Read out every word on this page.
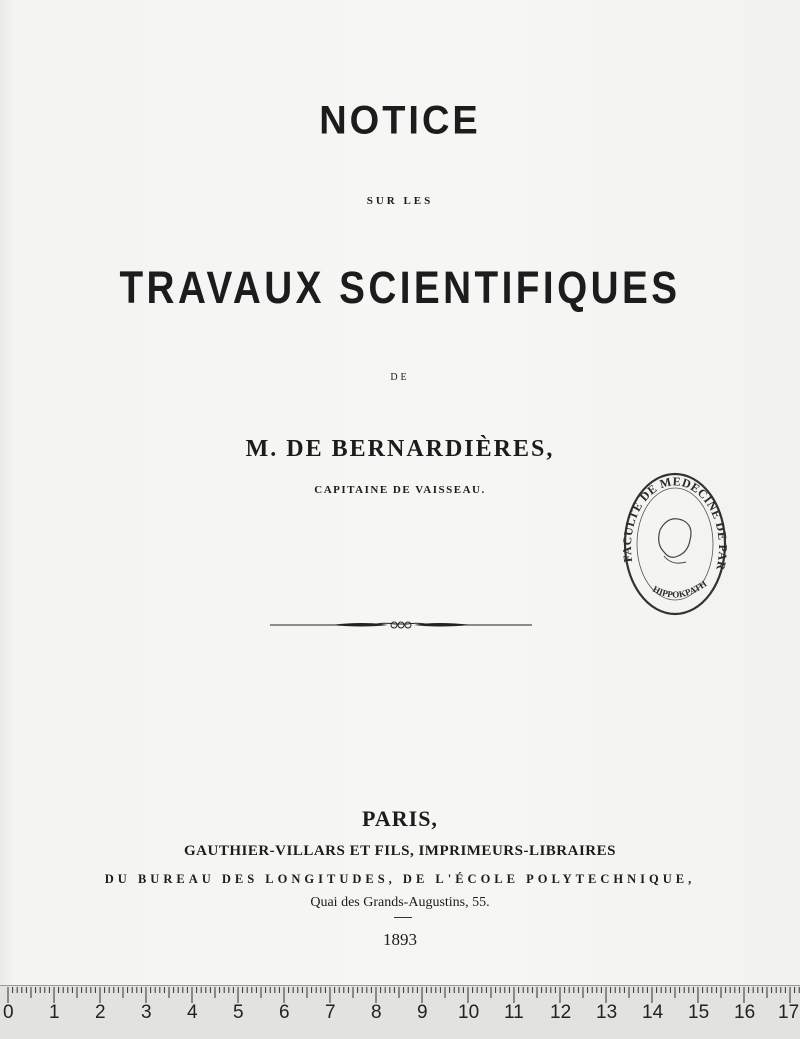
NOTICE
SUR LES
TRAVAUX SCIENTIFIQUES
DE
M. DE BERNARDIÈRES,
CAPITAINE DE VAISSEAU.
FACULTE DE MEDECINE DE PAR
HIPPOKPATH
PARIS,
GAUTHIER-VILLARS ET FILS, IMPRIMEURS-LIBRAIRES
DU BUREAU DES LONGITUDES, DE L'ÉCOLE POLYTECHNIQUE,
Quai des Grands-Augustins, 55.
1893
0 1 2 3 4 5 6 7 8 9 10 11 12 13 14 15 16 17
